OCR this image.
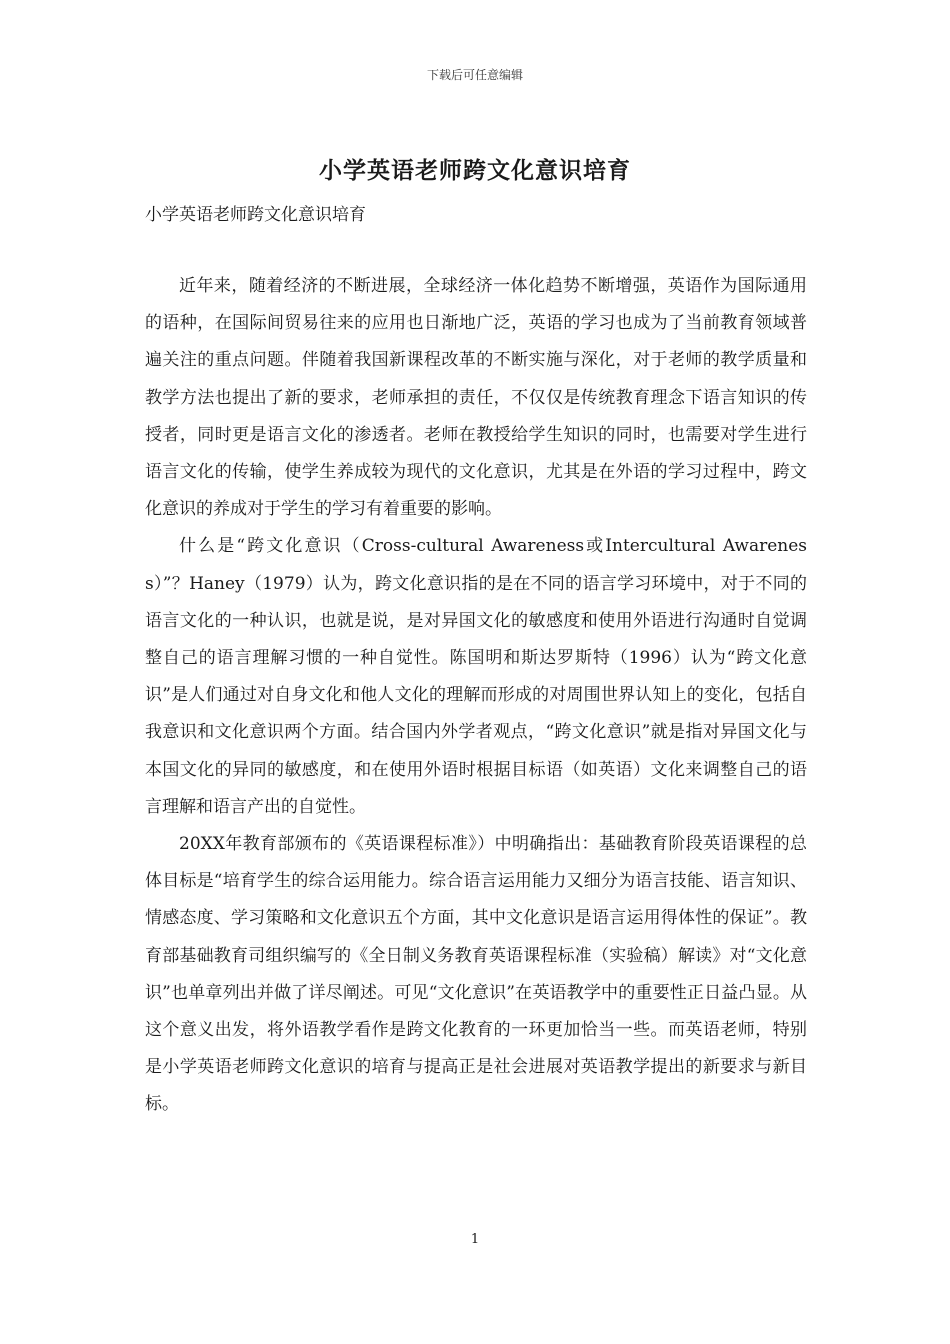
下载后可任意编辑
小学英语老师跨文化意识培育

小学英语老师跨文化意识培育

近年来，随着经济的不断进展，全球经济一体化趋势不断增强，英语作为国际通用的语种，在国际间贸易往来的应用也日渐地广泛，英语的学习也成为了当前教育领域普遍关注的重点问题。伴随着我国新课程改革的不断实施与深化，对于老师的教学质量和教学方法也提出了新的要求，老师承担的责任，不仅仅是传统教育理念下语言知识的传授者，同时更是语言文化的渗透者。老师在教授给学生知识的同时，也需要对学生进行语言文化的传输，使学生养成较为现代的文化意识，尤其是在外语的学习过程中，跨文化意识的养成对于学生的学习有着重要的影响。

什么是“跨文化意识（Cross-cultural Awareness或Intercultural Awareness）”？Haney（1979）认为，跨文化意识指的是在不同的语言学习环境中，对于不同的语言文化的一种认识，也就是说，是对异国文化的敏感度和使用外语进行沟通时自觉调整自己的语言理解习惯的一种自觉性。陈国明和斯达罗斯特（1996）认为“跨文化意识”是人们通过对自身文化和他人文化的理解而形成的对周围世界认知上的变化，包括自我意识和文化意识两个方面。结合国内外学者观点，“跨文化意识”就是指对异国文化与本国文化的异同的敏感度，和在使用外语时根据目标语（如英语）文化来调整自己的语言理解和语言产出的自觉性。

20XX年教育部颁布的《英语课程标准》）中明确指出：基础教育阶段英语课程的总体目标是“培育学生的综合运用能力。综合语言运用能力又细分为语言技能、语言知识、情感态度、学习策略和文化意识五个方面，其中文化意识是语言运用得体性的保证”。教育部基础教育司组织编写的《全日制义务教育英语课程标准（实验稿）解读》对“文化意识”也单章列出并做了详尽阐述。可见“文化意识”在英语教学中的重要性正日益凸显。从这个意义出发，将外语教学看作是跨文化教育的一环更加恰当一些。而英语老师，特别是小学英语老师跨文化意识的培育与提高正是社会进展对英语教学提出的新要求与新目标。

1
